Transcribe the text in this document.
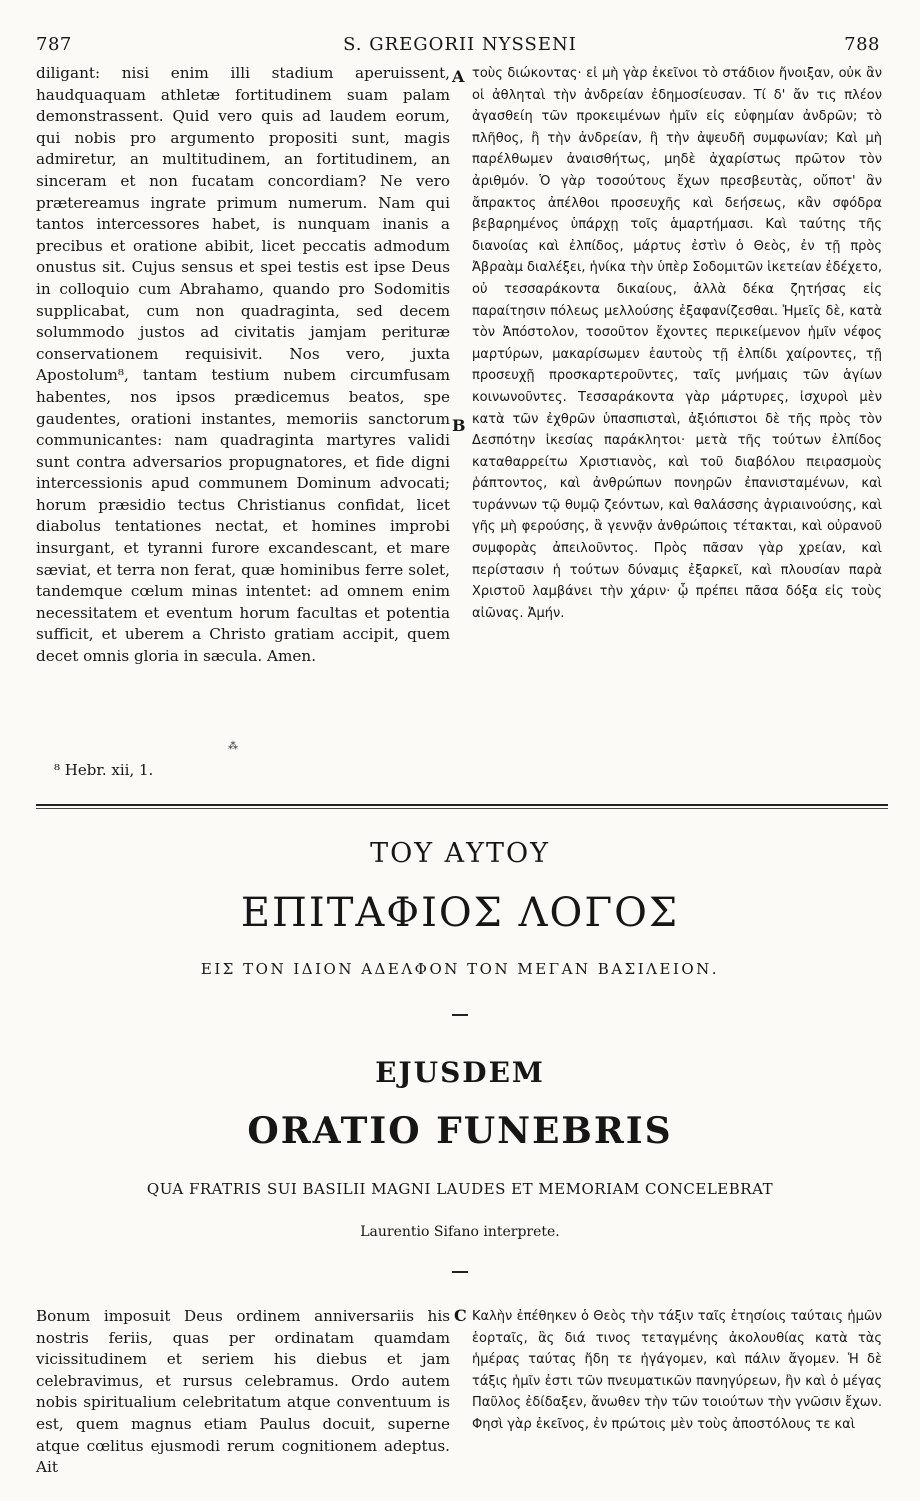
787	S. GREGORII NYSSENI	788

diligant: nisi enim illi stadium aperuissent, haudquaquam athletæ fortitudinem suam palam demonstrassent. Quid vero quis ad laudem eorum, qui nobis pro argumento propositi sunt, magis admiretur, an multitudinem, an fortitudinem, an sinceram et non fucatam concordiam? Ne vero prætereamus ingrate primum numerum. Nam qui tantos intercessores habet, is nunquam inanis a precibus et oratione abibit, licet peccatis admodum onustus sit. Cujus sensus et spei testis est ipse Deus in colloquio cum Abrahamo, quando pro Sodomitis supplicabat, cum non quadraginta, sed decem solummodo justos ad civitatis jamjam perituræ conservationem requisivit. Nos vero, juxta Apostolum⁸, tantam testium nubem circumfusam habentes, nos ipsos prædicemus beatos, spe gaudentes, orationi instantes, memoriis sanctorum communicantes: nam quadraginta martyres validi sunt contra adversarios propugnatores, et fide digni intercessionis apud communem Dominum advocati; horum præsidio tectus Christianus confidat, licet diabolus tentationes nectat, et homines improbi insurgant, et tyranni furore excandescant, et mare sæviat, et terra non ferat, quæ hominibus ferre solet, tandemque cœlum minas intentet: ad omnem enim necessitatem et eventum horum facultas et potentia sufficit, et uberem a Christo gratiam accipit, quem decet omnis gloria in sæcula. Amen.

τοὺς διώκοντας· εἰ μὴ γὰρ ἐκεῖνοι τὸ στάδιον ἤνοιξαν, οὐκ ἂν οἱ ἀθληταὶ τὴν ἀνδρείαν ἐδημοσίευσαν. Τί δ' ἄν τις πλέον ἀγασθείη τῶν προκειμένων ἡμῖν εἰς εὐφημίαν ἀνδρῶν; τὸ πλῆθος, ἢ τὴν ἀνδρείαν, ἢ τὴν ἀψευδῆ συμφωνίαν; Καὶ μὴ παρέλθωμεν ἀναισθήτως, μηδὲ ἀχαρίστως πρῶτον τὸν ἀριθμόν. Ὁ γὰρ τοσούτους ἔχων πρεσβευτὰς, οὔποτ' ἂν ἄπρακτος ἀπέλθοι προσευχῆς καὶ δεήσεως, κἂν σφόδρα βεβαρημένος ὑπάρχῃ τοῖς ἁμαρτήμασι. Καὶ ταύτης τῆς διανοίας καὶ ἐλπίδος, μάρτυς ἐστὶν ὁ Θεὸς, ἐν τῇ πρὸς Ἀβραὰμ διαλέξει, ἡνίκα τὴν ὑπὲρ Σοδομιτῶν ἱκετείαν ἐδέχετο, οὐ τεσσαράκοντα δικαίους, ἀλλὰ δέκα ζητήσας εἰς παραίτησιν πόλεως μελλούσης ἐξαφανίζεσθαι. Ἡμεῖς δὲ, κατὰ τὸν Ἀπόστολον, τοσοῦτον ἔχοντες περικείμενον ἡμῖν νέφος μαρτύρων, μακαρίσωμεν ἑαυτοὺς τῇ ἐλπίδι χαίροντες, τῇ προσευχῇ προσκαρτεροῦντες, ταῖς μνήμαις τῶν ἁγίων κοινωνοῦντες. Τεσσαράκοντα γὰρ μάρτυρες, ἰσχυροὶ μὲν κατὰ τῶν ἐχθρῶν ὑπασπισταὶ, ἀξιόπιστοι δὲ τῆς πρὸς τὸν Δεσπότην ἱκεσίας παράκλητοι· μετὰ τῆς τούτων ἐλπίδος καταθαρρείτω Χριστιανὸς, καὶ τοῦ διαβόλου πειρασμοὺς ῥάπτοντος, καὶ ἀνθρώπων πονηρῶν ἐπανισταμένων, καὶ τυράννων τῷ θυμῷ ζεόντων, καὶ θαλάσσης ἀγριαινούσης, καὶ γῆς μὴ φερούσης, ἃ γεννᾷν ἀνθρώποις τέτακται, καὶ οὐρανοῦ συμφορὰς ἀπειλοῦντος. Πρὸς πᾶσαν γὰρ χρείαν, καὶ περίστασιν ἡ τούτων δύναμις ἐξαρκεῖ, καὶ πλουσίαν παρὰ Χριστοῦ λαμβάνει τὴν χάριν· ᾧ πρέπει πᾶσα δόξα εἰς τοὺς αἰῶνας. Ἀμήν.

A
B
⁂
⁸ Hebr. xii, 1.
ΤΟΥ ΑΥΤΟΥ
ΕΠΙΤΑΦΙΟΣ ΛΟΓΟΣ
ΕΙΣ ΤΟΝ ΙΔΙΟΝ ΑΔΕΛΦΟΝ ΤΟΝ ΜΕΓΑΝ ΒΑΣΙΛΕΙΟΝ.
EJUSDEM
ORATIO FUNEBRIS
QUA FRATRIS SUI BASILII MAGNI LAUDES ET MEMORIAM CONCELEBRAT
Laurentio Sifano interprete.

Bonum imposuit Deus ordinem anniversariis his nostris feriis, quas per ordinatam quamdam vicissitudinem et seriem his diebus et jam celebravimus, et rursus celebramus. Ordo autem nobis spiritualium celebritatum atque conventuum is est, quem magnus etiam Paulus docuit, superne atque cœlitus ejusmodi rerum cognitionem adeptus. Ait

C Καλὴν ἐπέθηκεν ὁ Θεὸς τὴν τάξιν ταῖς ἐτησίοις ταύταις ἡμῶν ἑορταῖς, ἃς διά τινος τεταγμένης ἀκολουθίας κατὰ τὰς ἡμέρας ταύτας ἤδη τε ἠγάγομεν, καὶ πάλιν ἄγομεν. Ἡ δὲ τάξις ἡμῖν ἐστι τῶν πνευματικῶν πανηγύρεων, ἣν καὶ ὁ μέγας Παῦλος ἐδίδαξεν, ἄνωθεν τὴν τῶν τοιούτων τὴν γνῶσιν ἔχων. Φησὶ γὰρ ἐκεῖνος, ἐν πρώτοις μὲν τοὺς ἀποστόλους τε καὶ
